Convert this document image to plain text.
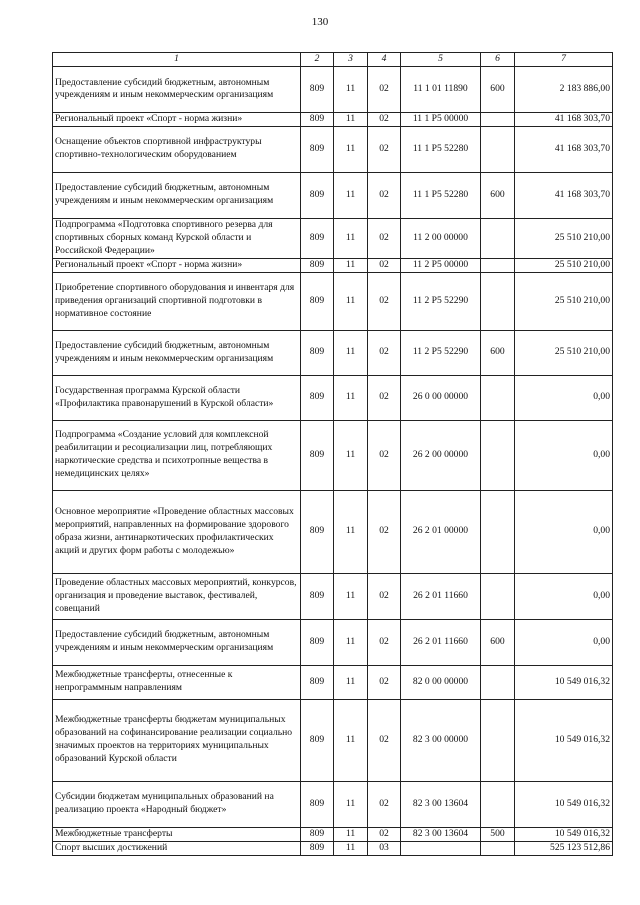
130
1	2	3	4	5	6	7
Предоставление субсидий бюджетным, автономным учреждениям и иным некоммерческим организациям	809	11	02	11 1 01 11890	600	2 183 886,00
Региональный проект «Спорт - норма жизни»	809	11	02	11 1 P5 00000		41 168 303,70
Оснащение объектов спортивной инфраструктуры спортивно-технологическим оборудованием	809	11	02	11 1 P5 52280		41 168 303,70
Предоставление субсидий бюджетным, автономным учреждениям и иным некоммерческим организациям	809	11	02	11 1 P5 52280	600	41 168 303,70
Подпрограмма «Подготовка спортивного резерва для спортивных сборных команд Курской области и Российской Федерации»	809	11	02	11 2 00 00000		25 510 210,00
Региональный проект «Спорт - норма жизни»	809	11	02	11 2 P5 00000		25 510 210,00
Приобретение спортивного оборудования и инвентаря для приведения организаций спортивной подготовки в нормативное состояние	809	11	02	11 2 P5 52290		25 510 210,00
Предоставление субсидий бюджетным, автономным учреждениям и иным некоммерческим организациям	809	11	02	11 2 P5 52290	600	25 510 210,00
Государственная программа Курской области «Профилактика правонарушений в Курской области»	809	11	02	26 0 00 00000		0,00
Подпрограмма «Создание условий для комплексной реабилитации и ресоциализации лиц, потребляющих наркотические средства и психотропные вещества в немедицинских целях»	809	11	02	26 2 00 00000		0,00
Основное мероприятие «Проведение областных массовых мероприятий, направленных на формирование здорового образа жизни, антинаркотических профилактических акций и других форм работы с молодежью»	809	11	02	26 2 01 00000		0,00
Проведение областных массовых мероприятий, конкурсов, организация и проведение выставок, фестивалей, совещаний	809	11	02	26 2 01 11660		0,00
Предоставление субсидий бюджетным, автономным учреждениям и иным некоммерческим организациям	809	11	02	26 2 01 11660	600	0,00
Межбюджетные трансферты, отнесенные к непрограммным направлениям	809	11	02	82 0 00 00000		10 549 016,32
Межбюджетные трансферты бюджетам муниципальных образований на софинансирование реализации социально значимых проектов на территориях муниципальных образований Курской области	809	11	02	82 3 00 00000		10 549 016,32
Субсидии бюджетам муниципальных образований на реализацию проекта «Народный бюджет»	809	11	02	82 3 00 13604		10 549 016,32
Межбюджетные трансферты	809	11	02	82 3 00 13604	500	10 549 016,32
Спорт высших достижений	809	11	03			525 123 512,86
